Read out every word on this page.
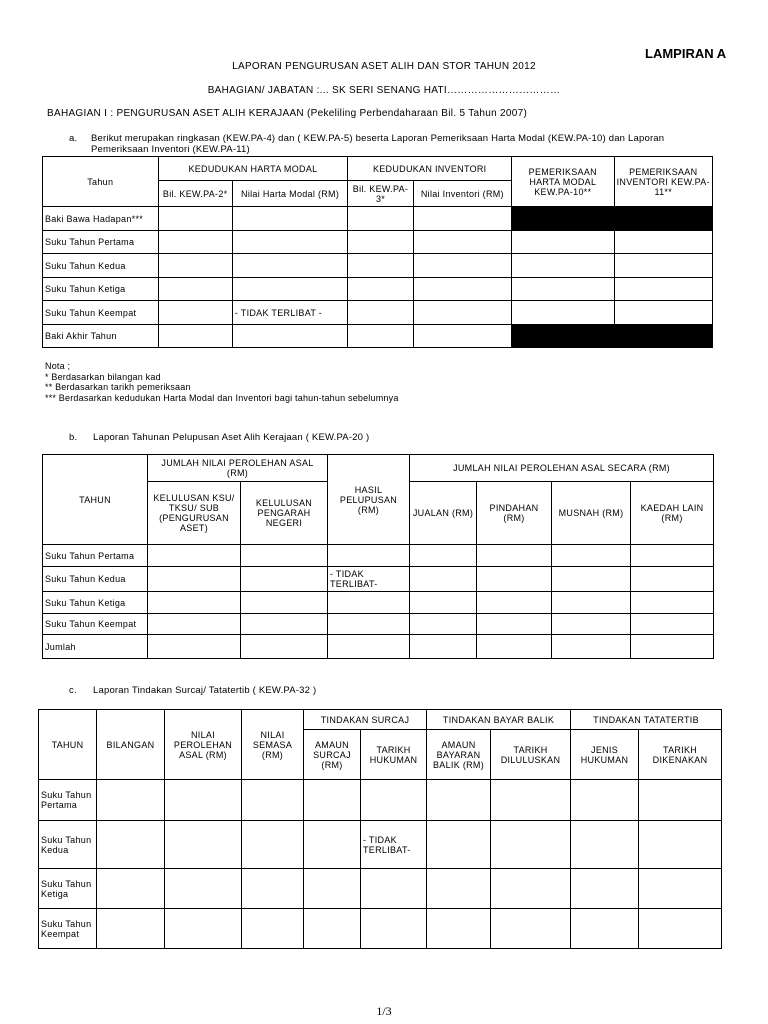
LAMPIRAN A
LAPORAN PENGURUSAN ASET ALIH DAN STOR TAHUN 2012
BAHAGIAN/ JABATAN :... SK SERI SENANG HATI……………………………
BAHAGIAN I : PENGURUSAN ASET ALIH KERAJAAN (Pekeliling Perbendaharaan Bil. 5 Tahun 2007)
a. Berikut merupakan ringkasan (KEW.PA-4) dan ( KEW.PA-5) beserta Laporan Pemeriksaan Harta Modal (KEW.PA-10) dan Laporan
Pemeriksaan Inventori (KEW.PA-11)
Tahun	KEDUDUKAN HARTA MODAL		KEDUDUKAN INVENTORI		PEMERIKSAAN HARTA MODAL KEW.PA-10**	PEMERIKSAAN INVENTORI KEW.PA-11**
	Bil. KEW.PA-2*	Nilai Harta Modal (RM)	Bil. KEW.PA-3*	Nilai Inventori (RM)		
Baki Bawa Hadapan***						
Suku Tahun Pertama						
Suku Tahun Kedua						
Suku Tahun Ketiga						
Suku Tahun Keempat		- TIDAK TERLIBAT -				
Baki Akhir Tahun						
Nota ;
* Berdasarkan bilangan kad
** Berdasarkan tarikh pemeriksaan
*** Berdasarkan kedudukan Harta Modal dan Inventori bagi tahun-tahun sebelumnya
b. Laporan Tahunan Pelupusan Aset Alih Kerajaan ( KEW.PA-20 )
TAHUN	JUMLAH NILAI PEROLEHAN ASAL (RM)		HASIL PELUPUSAN (RM)	JUMLAH NILAI PEROLEHAN ASAL SECARA (RM)			
	KELULUSAN KSU/ TKSU/ SUB (PENGURUSAN ASET)	KELULUSAN PENGARAH NEGERI		JUALAN (RM)	PINDAHAN (RM)	MUSNAH (RM)	KAEDAH LAIN (RM)
Suku Tahun Pertama							
Suku Tahun Kedua			- TIDAK TERLIBAT-				
Suku Tahun Ketiga							
Suku Tahun Keempat							
Jumlah							
c. Laporan Tindakan Surcaj/ Tatatertib ( KEW.PA-32 )
TAHUN	BILANGAN	NILAI PEROLEHAN ASAL (RM)	NILAI SEMASA (RM)	TINDAKAN SURCAJ		TINDAKAN BAYAR BALIK		TINDAKAN TATATERTIB	
				AMAUN SURCAJ (RM)	TARIKH HUKUMAN	AMAUN BAYARAN BALIK (RM)	TARIKH DILULUSKAN	JENIS HUKUMAN	TARIKH DIKENAKAN
Suku Tahun Pertama									
Suku Tahun Kedua					- TIDAK TERLIBAT-				
Suku Tahun Ketiga									
Suku Tahun Keempat									
1/3
